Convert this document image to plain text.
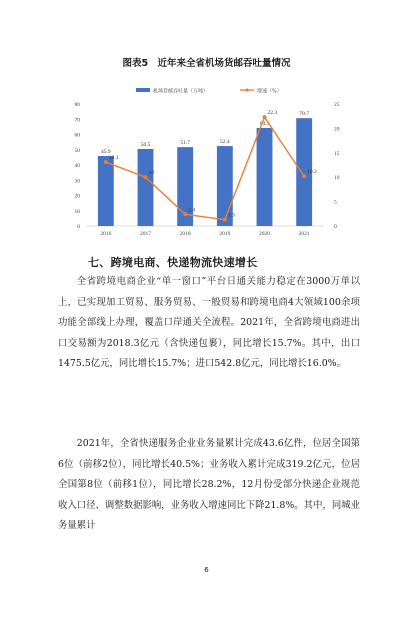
图表5　近年来全省机场货邮吞吐量情况
机场货邮吞吐量（万吨）	增速（%）
45.9
50.5	51.7	52.4
64.3
70.7
13.1
10
2.4
1.3
22.3
10.2
0
10
20
30
40
50
60
70
80
0
5
10
15
20
25
2016	2017	2018	2019	2020	2021
七、跨境电商、快递物流快速增长
全省跨境电商企业“单一窗口”平台日通关能力稳定在3000万单以上，已实现加工贸易、服务贸易、一般贸易和跨境电商4大领域100余项功能全部线上办理，覆盖口岸通关全流程。2021年，全省跨境电商进出口交易额为2018.3亿元（含快递包裹），同比增长15.7%。其中，出口1475.5亿元，同比增长15.7%；进口542.8亿元，同比增长16.0%。
2021年，全省快递服务企业业务量累计完成43.6亿件，位居全国第6位（前移2位），同比增长40.5%；业务收入累计完成319.2亿元，位居全国第8位（前移1位），同比增长28.2%，12月份受部分快递企业规范收入口径、调整数据影响，业务收入增速同比下降21.8%。其中，同城业务量累计
6
